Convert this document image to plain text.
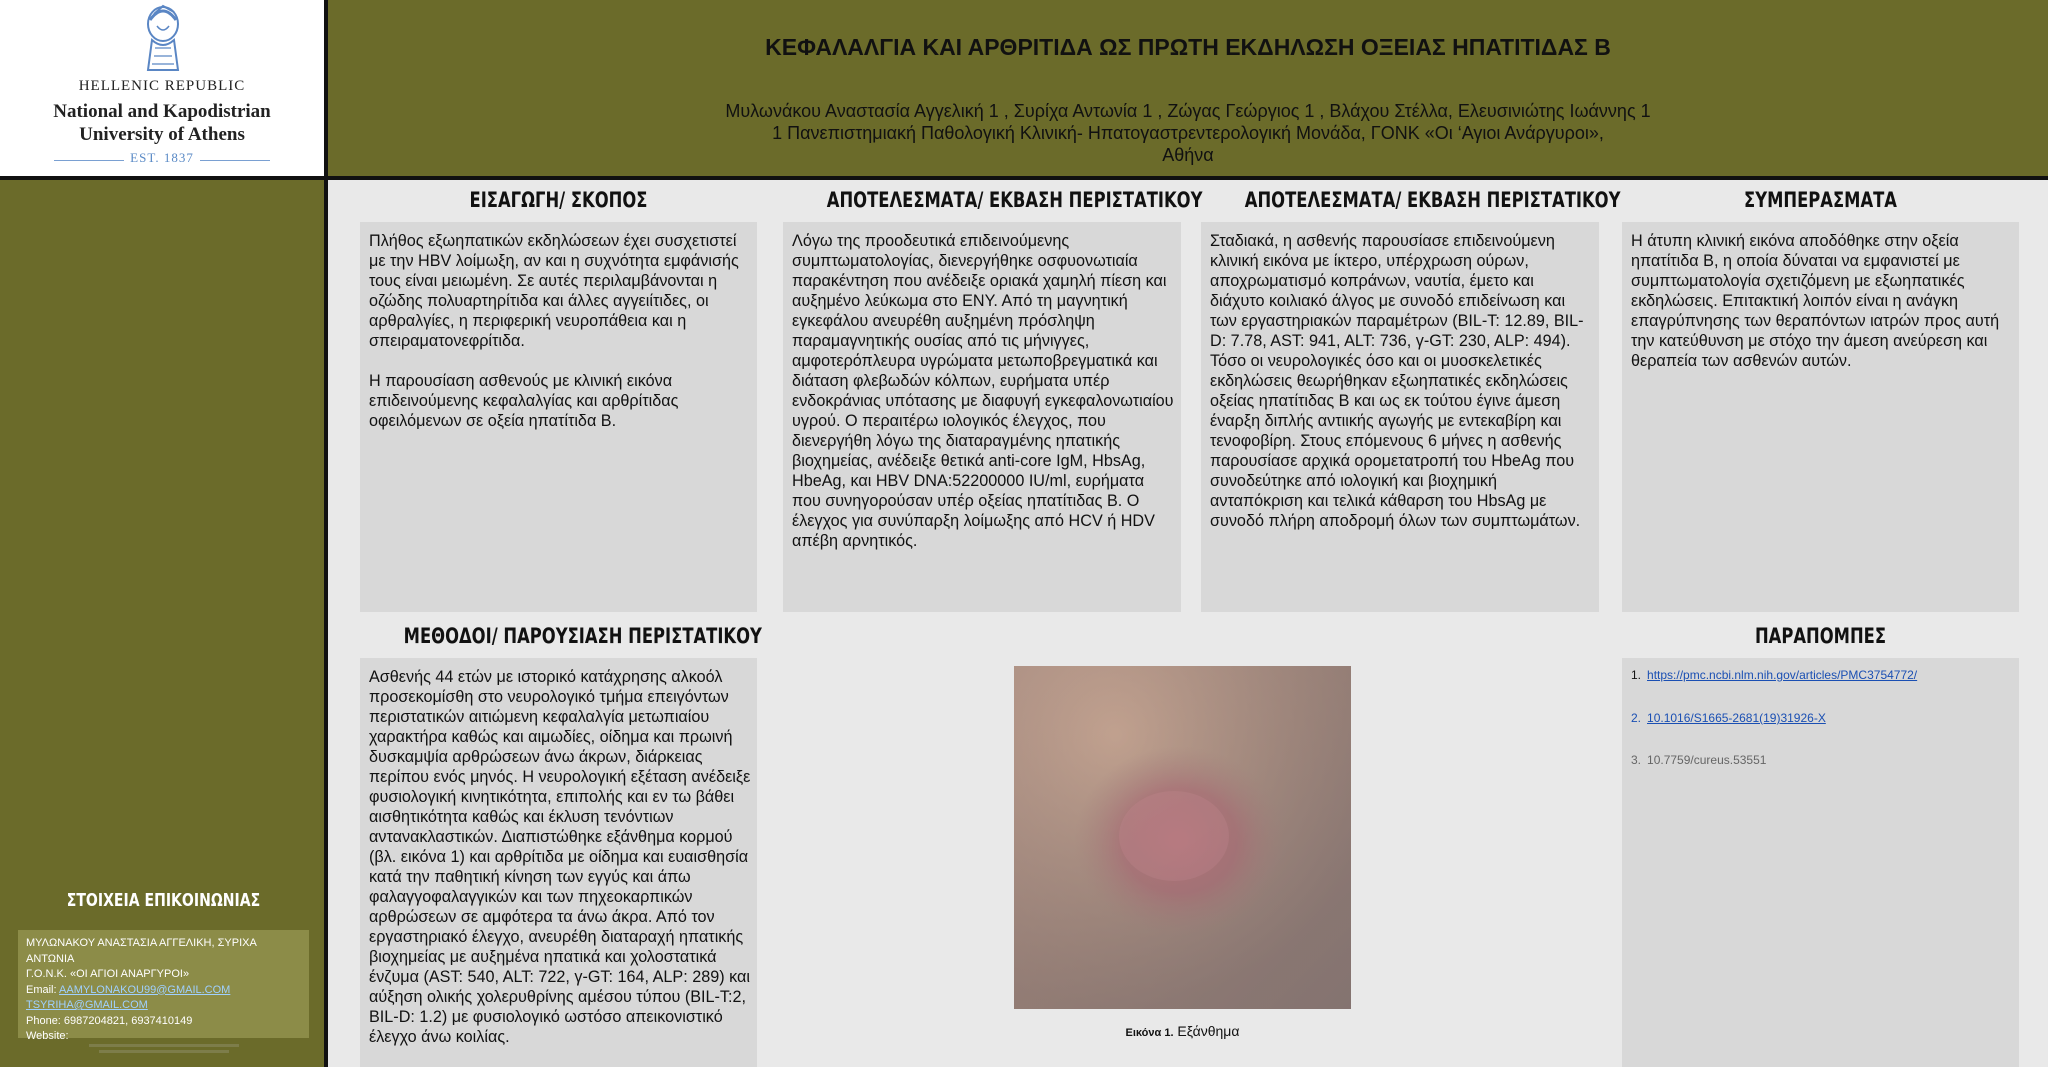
HELLENIC REPUBLIC
National and Kapodistrian
University of Athens
EST. 1837
ΣΤΟΙΧΕΙΑ ΕΠΙΚΟΙΝΩΝΙΑΣ
ΜΥΛΩΝΑΚΟΥ ΑΝΑΣΤΑΣΙΑ ΑΓΓΕΛΙΚΗ, ΣΥΡΙΧΑ ΑΝΤΩΝΙΑ
Γ.Ο.Ν.Κ. «ΟΙ ΑΓΙΟΙ ΑΝΑΡΓΥΡΟΙ»
Email: AAMYLONAKOU99@GMAIL.COM
TSYRIHA@GMAIL.COM
Phone: 6987204821, 6937410149
Website:
ΚΕΦΑΛΑΛΓΙΑ ΚΑΙ ΑΡΘΡΙΤΙΔΑ ΩΣ ΠΡΩΤΗ ΕΚΔΗΛΩΣΗ ΟΞΕΙΑΣ ΗΠΑΤΙΤΙΔΑΣ Β
Μυλωνάκου Αναστασία Αγγελική 1 , Συρίχα Αντωνία 1 , Ζώγας Γεώργιος 1 , Βλάχου Στέλλα, Ελευσινιώτης Ιωάννης 1
1 Πανεπιστημιακή Παθολογική Κλινική- Ηπατογαστρεντερολογική Μονάδα, ΓΟΝΚ «Οι ‘Αγιοι Ανάργυροι»,
Αθήνα
ΕΙΣΑΓΩΓΗ/ ΣΚΟΠΟΣ
Πλήθος εξωηπατικών εκδηλώσεων έχει συσχετιστεί με την HBV λοίμωξη, αν και η συχνότητα εμφάνισής τους είναι μειωμένη. Σε αυτές περιλαμβάνονται η οζώδης πολυαρτηρίτιδα και άλλες αγγειίτιδες, οι αρθραλγίες, η περιφερική νευροπάθεια και η σπειραματονεφρίτιδα.
Η παρουσίαση ασθενούς με κλινική εικόνα επιδεινούμενης κεφαλαλγίας και αρθρίτιδας οφειλόμενων σε οξεία ηπατίτιδα Β.
ΑΠΟΤΕΛΕΣΜΑΤΑ/ ΕΚΒΑΣΗ ΠΕΡΙΣΤΑΤΙΚΟΥ
Λόγω της προοδευτικά επιδεινούμενης συμπτωματολογίας, διενεργήθηκε οσφυονωτιαία παρακέντηση που ανέδειξε οριακά χαμηλή πίεση και αυξημένο λεύκωμα στο ΕΝΥ. Από τη μαγνητική εγκεφάλου ανευρέθη αυξημένη πρόσληψη παραμαγνητικής ουσίας από τις μήνιγγες, αμφοτερόπλευρα υγρώματα μετωποβρεγματικά και διάταση φλεβωδών κόλπων, ευρήματα υπέρ ενδοκράνιας υπότασης με διαφυγή εγκεφαλονωτιαίου υγρού. Ο περαιτέρω ιολογικός έλεγχος, που διενεργήθη λόγω της διαταραγμένης ηπατικής βιοχημείας, ανέδειξε θετικά anti-core IgM, HbsAg, HbeAg, και HBV DNA:52200000 IU/ml, ευρήματα που συνηγορούσαν υπέρ οξείας ηπατίτιδας Β. Ο έλεγχος για συνύπαρξη λοίμωξης από HCV ή HDV απέβη αρνητικός.
ΑΠΟΤΕΛΕΣΜΑΤΑ/ ΕΚΒΑΣΗ ΠΕΡΙΣΤΑΤΙΚΟΥ
Σταδιακά, η ασθενής παρουσίασε επιδεινούμενη κλινική εικόνα με ίκτερο, υπέρχρωση ούρων, αποχρωματισμό κοπράνων, ναυτία, έμετο και διάχυτο κοιλιακό άλγος με συνοδό επιδείνωση και των εργαστηριακών παραμέτρων (BIL-T: 12.89, BIL-D: 7.78, AST: 941, ALT: 736, γ-GT: 230, ALP: 494). Τόσο οι νευρολογικές όσο και οι μυοσκελετικές εκδηλώσεις θεωρήθηκαν εξωηπατικές εκδηλώσεις οξείας ηπατίτιδας Β και ως εκ τούτου έγινε άμεση έναρξη διπλής αντιικής αγωγής με εντεκαβίρη και τενοφοβίρη. Στους επόμενους 6 μήνες η ασθενής παρουσίασε αρχικά ορομετατροπή του HbeAg που συνοδεύτηκε από ιολογική και βιοχημική ανταπόκριση και τελικά κάθαρση του HbsAg με συνοδό πλήρη αποδρομή όλων των συμπτωμάτων.
ΣΥΜΠΕΡΑΣΜΑΤΑ
Η άτυπη κλινική εικόνα αποδόθηκε στην οξεία ηπατίτιδα Β, η οποία δύναται να εμφανιστεί με συμπτωματολογία σχετιζόμενη με εξωηπατικές εκδηλώσεις. Επιτακτική λοιπόν είναι η ανάγκη επαγρύπνησης των θεραπόντων ιατρών προς αυτή την κατεύθυνση με στόχο την άμεση ανεύρεση και θεραπεία των ασθενών αυτών.
ΜΕΘΟΔΟΙ/ ΠΑΡΟΥΣΙΑΣΗ ΠΕΡΙΣΤΑΤΙΚΟΥ
Ασθενής 44 ετών με ιστορικό κατάχρησης αλκοόλ προσεκομίσθη στο νευρολογικό τμήμα επειγόντων περιστατικών αιτιώμενη κεφαλαλγία μετωπιαίου χαρακτήρα καθώς και αιμωδίες, οίδημα και πρωινή δυσκαμψία αρθρώσεων άνω άκρων, διάρκειας περίπου ενός μηνός. Η νευρολογική εξέταση ανέδειξε φυσιολογική κινητικότητα, επιπολής και εν τω βάθει αισθητικότητα καθώς και έκλυση τενόντιων αντανακλαστικών. Διαπιστώθηκε εξάνθημα κορμού (βλ. εικόνα 1) και αρθρίτιδα με οίδημα και ευαισθησία κατά την παθητική κίνηση των εγγύς και άπω φαλαγγοφαλαγγικών και των πηχεοκαρπικών αρθρώσεων σε αμφότερα τα άνω άκρα. Από τον εργαστηριακό έλεγχο, ανευρέθη διαταραχή ηπατικής βιοχημείας με αυξημένα ηπατικά και χολοστατικά ένζυμα (AST: 540, ALT: 722, γ-GT: 164, ALP: 289) και αύξηση ολικής χολερυθρίνης αμέσου τύπου (BIL-T:2, BIL-D: 1.2) με φυσιολογικό ωστόσο απεικονιστικό έλεγχο άνω κοιλίας.	Εικόνα 1. Εξάνθημα
ΠΑΡΑΠΟΜΠΕΣ
1. https://pmc.ncbi.nlm.nih.gov/articles/PMC3754772/
2. 10.1016/S1665-2681(19)31926-X
3. 10.7759/cureus.53551
